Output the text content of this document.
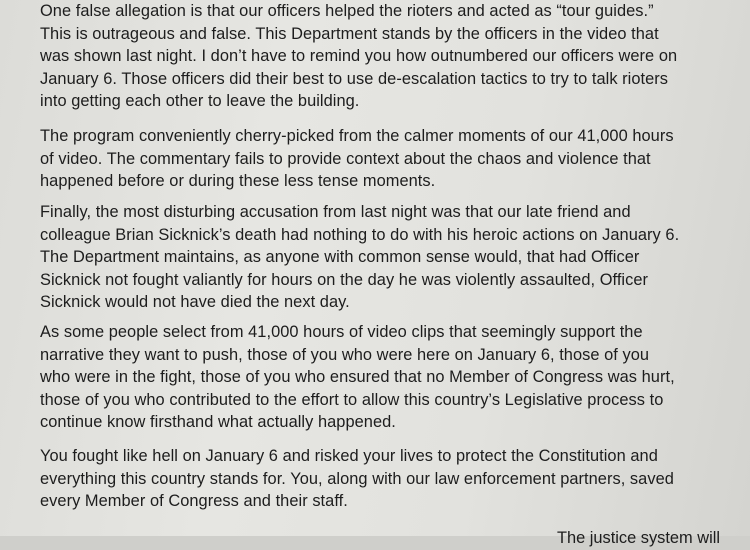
One false allegation is that our officers helped the rioters and acted as “tour guides.”
This is outrageous and false. This Department stands by the officers in the video that
was shown last night. I don’t have to remind you how outnumbered our officers were on
January 6. Those officers did their best to use de-escalation tactics to try to talk rioters
into getting each other to leave the building.

The program conveniently cherry-picked from the calmer moments of our 41,000 hours
of video. The commentary fails to provide context about the chaos and violence that
happened before or during these less tense moments.

Finally, the most disturbing accusation from last night was that our late friend and
colleague Brian Sicknick’s death had nothing to do with his heroic actions on January 6.
The Department maintains, as anyone with common sense would, that had Officer
Sicknick not fought valiantly for hours on the day he was violently assaulted, Officer
Sicknick would not have died the next day.

As some people select from 41,000 hours of video clips that seemingly support the
narrative they want to push, those of you who were here on January 6, those of you
who were in the fight, those of you who ensured that no Member of Congress was hurt,
those of you who contributed to the effort to allow this country’s Legislative process to
continue know firsthand what actually happened.

You fought like hell on January 6 and risked your lives to protect the Constitution and
everything this country stands for. You, along with our law enforcement partners, saved
every Member of Congress and their staff.

The justice system will
